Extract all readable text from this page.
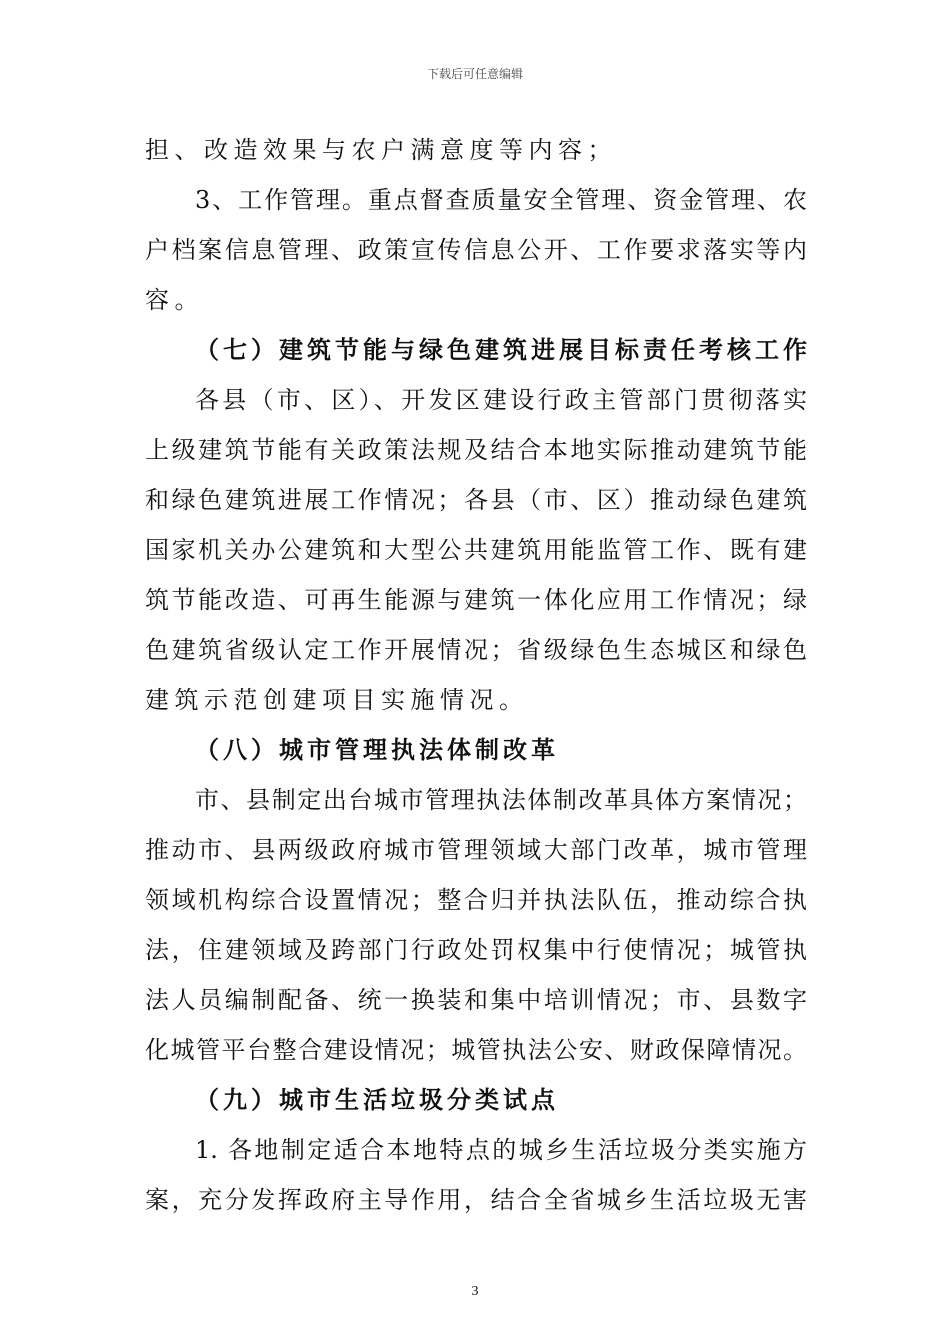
下载后可任意编辑
担、改造效果与农户满意度等内容；
3、工作管理。重点督查质量安全管理、资金管理、农
户档案信息管理、政策宣传信息公开、工作要求落实等内
容。
（七）建筑节能与绿色建筑进展目标责任考核工作
各县（市、区）、开发区建设行政主管部门贯彻落实
上级建筑节能有关政策法规及结合本地实际推动建筑节能
和绿色建筑进展工作情况；各县（市、区）推动绿色建筑
国家机关办公建筑和大型公共建筑用能监管工作、既有建
筑节能改造、可再生能源与建筑一体化应用工作情况；绿
色建筑省级认定工作开展情况；省级绿色生态城区和绿色
建筑示范创建项目实施情况。
（八）城市管理执法体制改革
市、县制定出台城市管理执法体制改革具体方案情况；
推动市、县两级政府城市管理领域大部门改革，城市管理
领域机构综合设置情况；整合归并执法队伍，推动综合执
法，住建领域及跨部门行政处罚权集中行使情况；城管执
法人员编制配备、统一换装和集中培训情况；市、县数字
化城管平台整合建设情况；城管执法公安、财政保障情况。
（九）城市生活垃圾分类试点
1. 各地制定适合本地特点的城乡生活垃圾分类实施方
案，充分发挥政府主导作用，结合全省城乡生活垃圾无害
3
